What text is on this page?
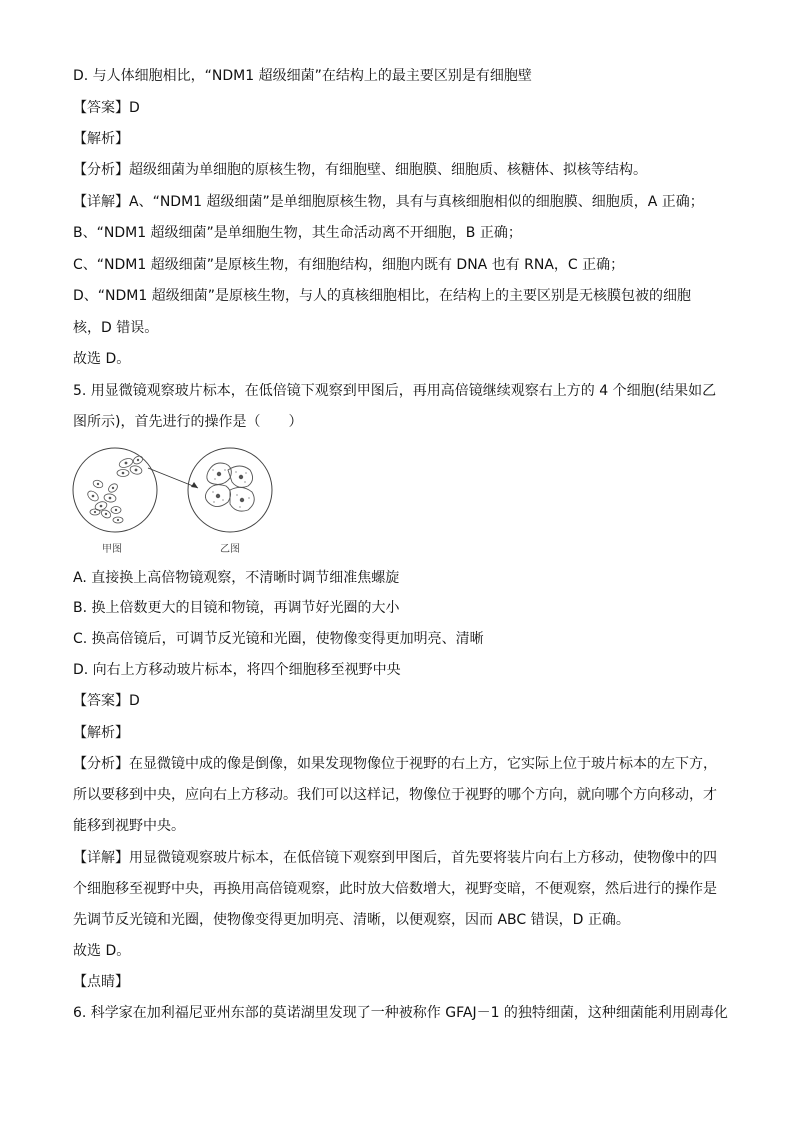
D. 与人体细胞相比，“NDM1 超级细菌”在结构上的最主要区别是有细胞壁
【答案】D
【解析】
【分析】超级细菌为单细胞的原核生物，有细胞壁、细胞膜、细胞质、核糖体、拟核等结构。
【详解】A、“NDM1 超级细菌”是单细胞原核生物，具有与真核细胞相似的细胞膜、细胞质，A 正确；
B、“NDM1 超级细菌”是单细胞生物，其生命活动离不开细胞，B 正确；
C、“NDM1 超级细菌”是原核生物，有细胞结构，细胞内既有 DNA 也有 RNA，C 正确；
D、“NDM1 超级细菌”是原核生物，与人的真核细胞相比，在结构上的主要区别是无核膜包被的细胞
核，D 错误。
故选 D。
5. 用显微镜观察玻片标本，在低倍镜下观察到甲图后，再用高倍镜继续观察右上方的 4 个细胞(结果如乙
图所示)，首先进行的操作是（　　）
甲图	乙图
A. 直接换上高倍物镜观察，不清晰时调节细准焦螺旋
B. 换上倍数更大的目镜和物镜，再调节好光圈的大小
C. 换高倍镜后，可调节反光镜和光圈，使物像变得更加明亮、清晰
D. 向右上方移动玻片标本，将四个细胞移至视野中央
【答案】D
【解析】
【分析】在显微镜中成的像是倒像，如果发现物像位于视野的右上方，它实际上位于玻片标本的左下方，
所以要移到中央，应向右上方移动。我们可以这样记，物像位于视野的哪个方向，就向哪个方向移动，才
能移到视野中央。
【详解】用显微镜观察玻片标本，在低倍镜下观察到甲图后，首先要将装片向右上方移动，使物像中的四
个细胞移至视野中央，再换用高倍镜观察，此时放大倍数增大，视野变暗，不便观察，然后进行的操作是
先调节反光镜和光圈，使物像变得更加明亮、清晰，以便观察，因而 ABC 错误，D 正确。
故选 D。
【点睛】
6. 科学家在加利福尼亚州东部的莫诺湖里发现了一种被称作 GFAJ－1 的独特细菌，这种细菌能利用剧毒化
